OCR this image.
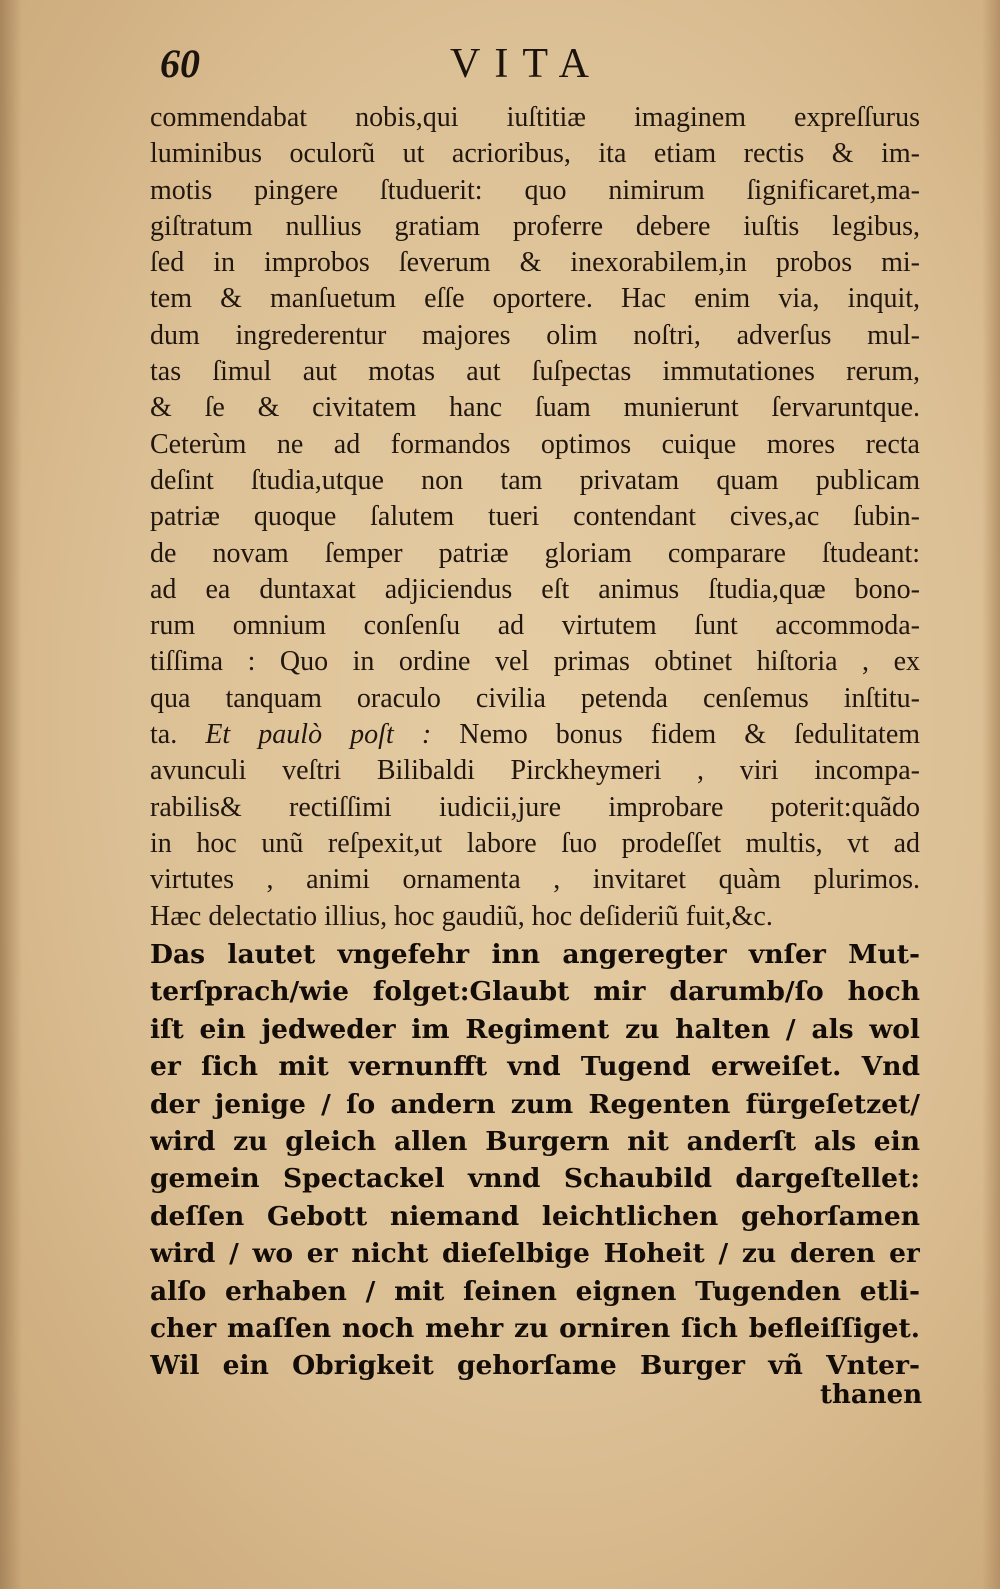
60	VITA
commendabat nobis,qui iuſtitiæ imaginem expreſſurus
luminibus oculorũ ut acrioribus, ita etiam rectis & im-
motis pingere ſtuduerit: quo nimirum ſignificaret,ma-
giſtratum nullius gratiam proferre debere iuſtis legibus,
ſed in improbos ſeverum & inexorabilem,in probos mi-
tem & manſuetum eſſe oportere. Hac enim via, inquit,
dum ingrederentur majores olim noſtri, adverſus mul-
tas ſimul aut motas aut ſuſpectas immutationes rerum,
& ſe & civitatem hanc ſuam munierunt ſervaruntque.
Ceterùm ne ad formandos optimos cuique mores recta
deſint ſtudia,utque non tam privatam quam publicam
patriæ quoque ſalutem tueri contendant cives,ac ſubin-
de novam ſemper patriæ gloriam comparare ſtudeant:
ad ea duntaxat adjiciendus eſt animus ſtudia,quæ bono-
rum omnium conſenſu ad virtutem ſunt accommoda-
tiſſima : Quo in ordine vel primas obtinet hiſtoria , ex
qua tanquam oraculo civilia petenda cenſemus inſtitu-
ta. Et paulò poſt : Nemo bonus fidem & ſedulitatem
avunculi veſtri Bilibaldi Pirckheymeri , viri incompa-
rabilis& rectiſſimi iudicii,jure improbare poterit:quãdo
in hoc unũ reſpexit,ut labore ſuo prodeſſet multis, vt ad
virtutes , animi ornamenta , invitaret quàm plurimos.
Hæc delectatio illius, hoc gaudiũ, hoc deſideriũ fuit,&c.
Das lautet vngefehr inn angeregter vnſer Mut-
terſprach/wie folget:Glaubt mir darumb/ſo hoch
iſt ein jedweder im Regiment zu halten / als wol
er ſich mit vernunfft vnd Tugend erweiſet. Vnd
der jenige / ſo andern zum Regenten fürgeſetzet/
wird zu gleich allen Burgern nit anderſt als ein
gemein Spectackel vnnd Schaubild dargeſtellet:
deſſen Gebott niemand leichtlichen gehorſamen
wird / wo er nicht dieſelbige Hoheit / zu deren er
alſo erhaben / mit ſeinen eignen Tugenden etli-
cher maſſen noch mehr zu orniren ſich befleiſſiget.
Wil ein Obrigkeit gehorſame Burger vñ Vnter-
thanen
